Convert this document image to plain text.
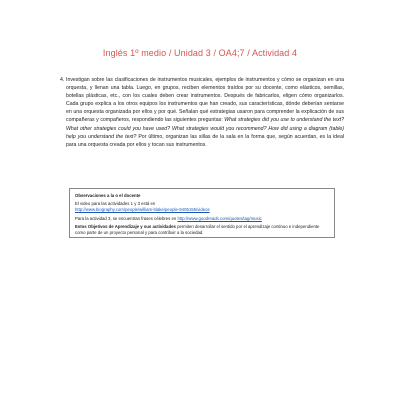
Inglés 1º medio / Unidad 3 / OA4;7 / Actividad 4
4. Investigan sobre las clasificaciones de instrumentos musicales, ejemplos de instrumentos y cómo se organizan en una orquesta, y llenan una tabla. Luego, en grupos, reciben elementos traídos por su docente, como elásticos, semillas, botellas plásticas, etc., con los cuales deben crear instrumentos. Después de fabricarlos, eligen cómo organizarlos. Cada grupo explica a los otros equipos los instrumentos que han creado, sus características, dónde deberían sentarse en una orquesta organizada por ellos y por qué. Señalan qué estrategias usaron para comprender la explicación de sus compañeras y compañeros, respondiendo las siguientes preguntas: What strategies did you use to understand the text? What other strategies could you have used? What strategies would you recommend? How did using a diagram (table) help you understand the text? Por último, organizan las sillas de la sala en la forma que, según acuerdan, es la ideal para una orquesta creada por ellos y tocan sus instrumentos.
Observaciones a la o el docente

El video para las actividades 1 y 3 está en
http://www.biography.com/people/william-blake/people-9405155/videos

Para la actividad 3, se encuentran frases célebres en http://www.goodreads.com/quotes/tag/music

Estos Objetivos de Aprendizaje y sus actividades permiten desarrollar el sentido por el aprendizaje continuo e independiente como parte de un proyecto personal y para contribuir a la sociedad.
